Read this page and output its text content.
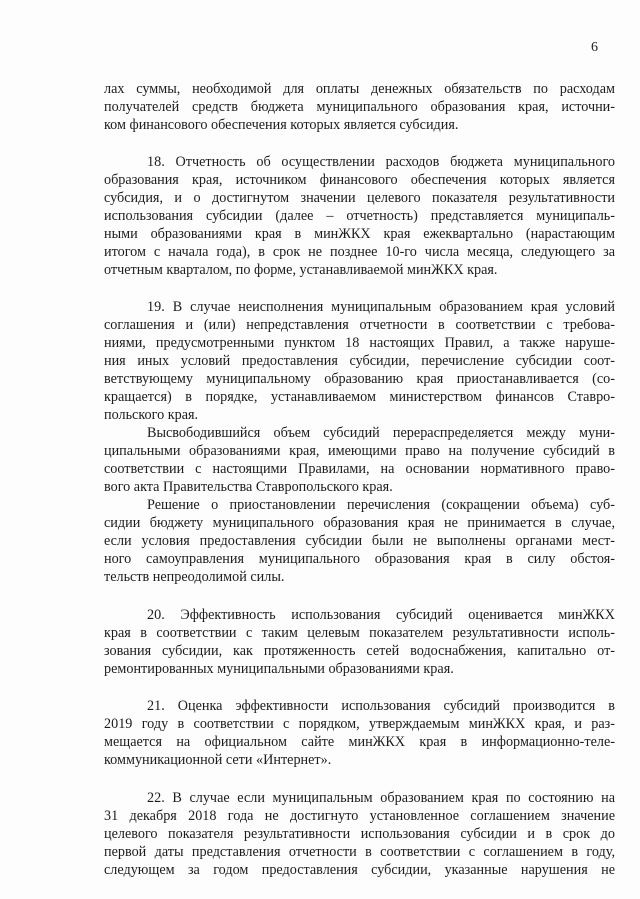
6
лах суммы, необходимой для оплаты денежных обязательств по расходам
получателей средств бюджета муниципального образования края, источни-
ком финансового обеспечения которых является субсидия.
18. Отчетность об осуществлении расходов бюджета муниципального
образования края, источником финансового обеспечения которых является
субсидия, и о достигнутом значении целевого показателя результативности
использования субсидии (далее – отчетность) представляется муниципаль-
ными образованиями края в минЖКХ края ежеквартально (нарастающим
итогом с начала года), в срок не позднее 10-го числа месяца, следующего за
отчетным кварталом, по форме, устанавливаемой минЖКХ края.
19. В случае неисполнения муниципальным образованием края условий
соглашения и (или) непредставления отчетности в соответствии с требова-
ниями, предусмотренными пунктом 18 настоящих Правил, а также наруше-
ния иных условий предоставления субсидии, перечисление субсидии соот-
ветствующему муниципальному образованию края приостанавливается (со-
кращается) в порядке, устанавливаемом министерством финансов Ставро-
польского края.
Высвободившийся объем субсидий перераспределяется между муни-
ципальными образованиями края, имеющими право на получение субсидий в
соответствии с настоящими Правилами, на основании нормативного право-
вого акта Правительства Ставропольского края.
Решение о приостановлении перечисления (сокращении объема) суб-
сидии бюджету муниципального образования края не принимается в случае,
если условия предоставления субсидии были не выполнены органами мест-
ного самоуправления муниципального образования края в силу обстоя-
тельств непреодолимой силы.
20. Эффективность использования субсидий оценивается минЖКХ
края в соответствии с таким целевым показателем результативности исполь-
зования субсидии, как протяженность сетей водоснабжения, капитально от-
ремонтированных муниципальными образованиями края.
21. Оценка эффективности использования субсидий производится в
2019 году в соответствии с порядком, утверждаемым минЖКХ края, и раз-
мещается на официальном сайте минЖКХ края в информационно-теле-
коммуникационной сети «Интернет».
22. В случае если муниципальным образованием края по состоянию на
31 декабря 2018 года не достигнуто установленное соглашением значение
целевого показателя результативности использования субсидии и в срок до
первой даты представления отчетности в соответствии с соглашением в году,
следующем за годом предоставления субсидии, указанные нарушения не
